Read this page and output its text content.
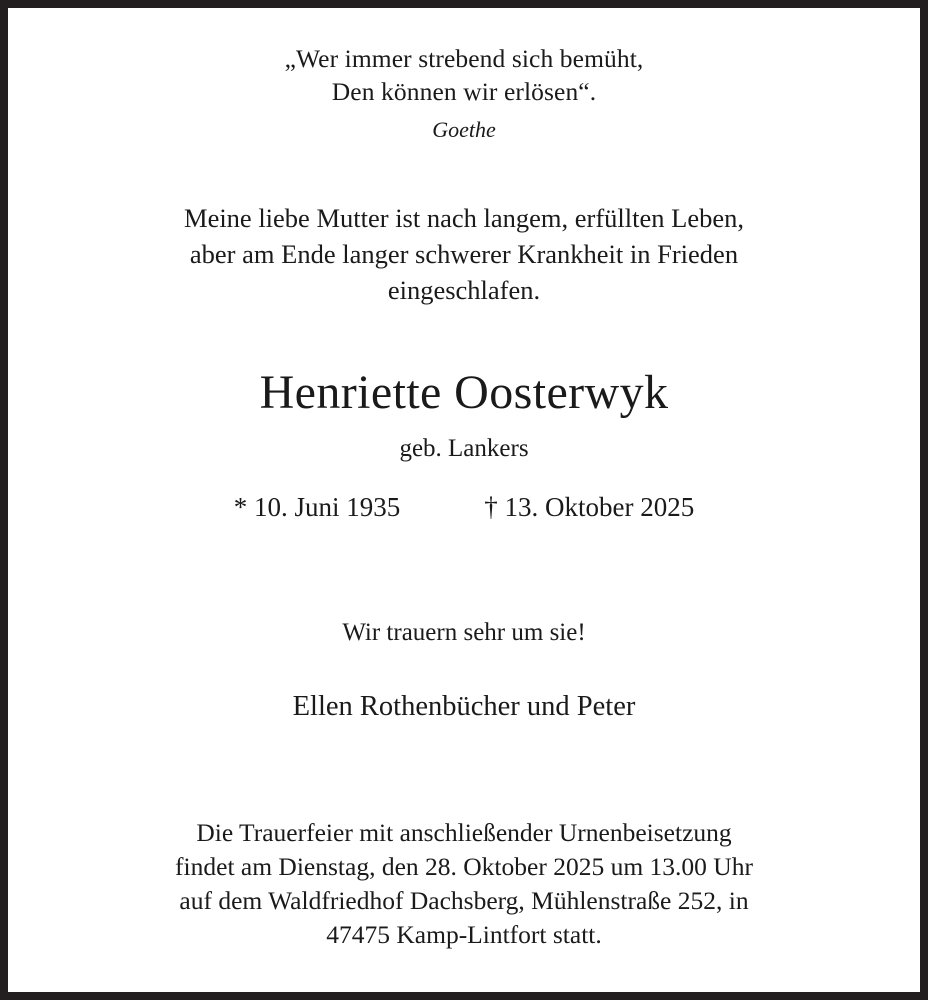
„Wer immer strebend sich bemüht,
Den können wir erlösen“.
Goethe
Meine liebe Mutter ist nach langem, erfüllten Leben,
aber am Ende langer schwerer Krankheit in Frieden
eingeschlafen.
Henriette Oosterwyk
geb. Lankers
* 10. Juni 1935	† 13. Oktober 2025
Wir trauern sehr um sie!
Ellen Rothenbücher und Peter
Die Trauerfeier mit anschließender Urnenbeisetzung
findet am Dienstag, den 28. Oktober 2025 um 13.00 Uhr
auf dem Waldfriedhof Dachsberg, Mühlenstraße 252, in
47475 Kamp-Lintfort statt.
